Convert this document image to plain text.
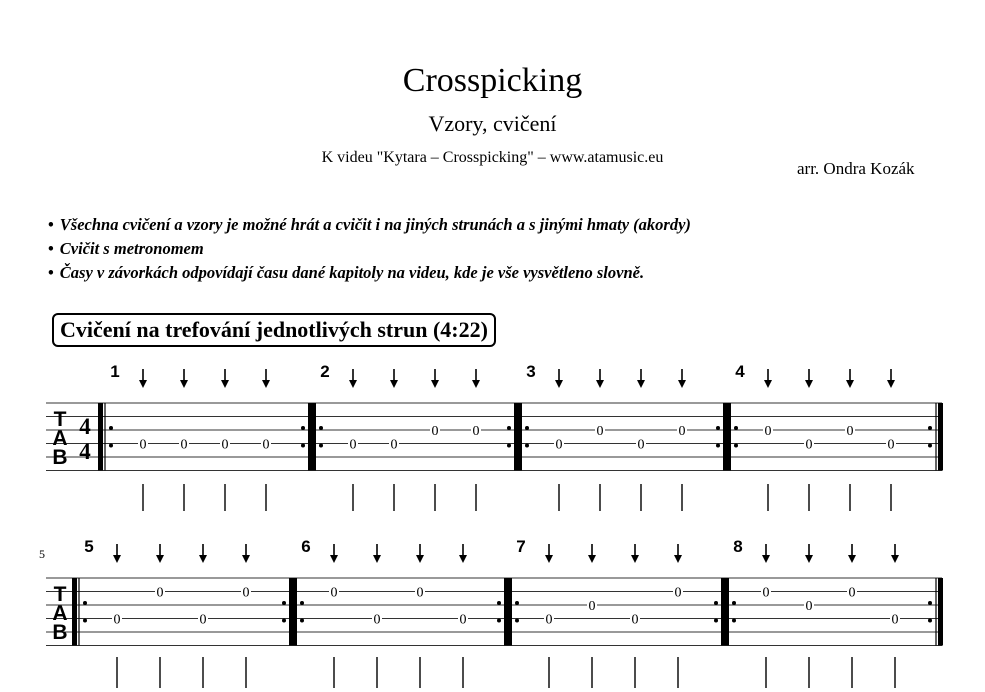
Crosspicking
Vzory, cvičení
K videu "Kytara – Crosspicking" – www.atamusic.eu
arr. Ondra Kozák
• Všechna cvičení a vzory je možné hrát a cvičit i na jiných strunách a s jinými hmaty (akordy)
• Cvičit s metronomem
• Časy v závorkách odpovídají času dané kapitoly na videu, kde je vše vysvětleno slovně.
Cvičení na trefování jednotlivých strun (4:22)
T
A
B
4
4
1
0 0 0 0
2
0 0
0 0
3
0
0
0
0
4
0
0
0
0
5
T
A
B
5
0
0
0
0
6
0
0
0
0
7
0
0
0
0
8
0
0
0
0
